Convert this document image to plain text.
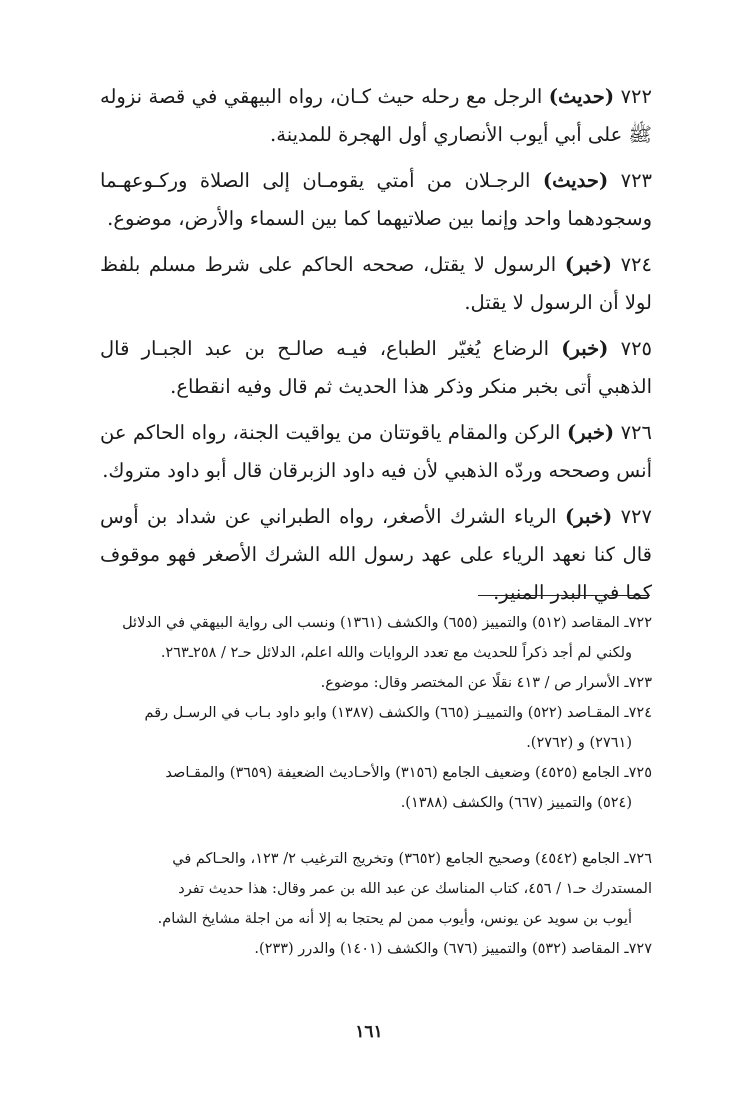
٧٢٢ (حديث) الرجل مع رحله حيث كـان، رواه البيهقي في قصة نزوله ﷺ على أبي أيوب الأنصاري أول الهجرة للمدينة.

٧٢٣ (حديث) الرجـلان من أمتي يقومـان إلى الصلاة وركـوعهـما وسجودهما واحد وإنما بين صلاتيهما كما بين السماء والأرض، موضوع.

٧٢٤ (خبر) الرسول لا يقتل، صححه الحاكم على شرط مسلم بلفظ لولا أن الرسول لا يقتل.

٧٢٥ (خبر) الرضاع يُغيّر الطباع، فيـه صالـح بن عبد الجبـار قال الذهبي أتى بخبر منكر وذكر هذا الحديث ثم قال وفيه انقطاع.

٧٢٦ (خبر) الركن والمقام ياقوتتان من يواقيت الجنة، رواه الحاكم عن أنس وصححه وردّه الذهبي لأن فيه داود الزبرقان قال أبو داود متروك.

٧٢٧ (خبر) الرياء الشرك الأصغر، رواه الطبراني عن شداد بن أوس قال كنا نعهد الرياء على عهد رسول الله الشرك الأصغر فهو موقوف كما في البدر المنير.

٧٢٢ـ المقاصد (٥١٢) والتمييز (٦٥٥) والكشف (١٣٦١) ونسب الى رواية البيهقي في الدلائل

ولكني لم أجد ذكراً للحديث مع تعدد الروايات والله اعلم، الدلائل حـ٢ / ٢٥٨ـ٢٦٣.

٧٢٣ـ الأسرار ص / ٤١٣ نقلًا عن المختصر وقال: موضوع.

٧٢٤ـ المقـاصد (٥٢٢) والتمييـز (٦٦٥) والكشف (١٣٨٧) وابو داود بـاب في الرسـل رقم

(٢٧٦١) و (٢٧٦٢).

٧٢٥ـ الجامع (٤٥٢٥) وضعيف الجامع (٣١٥٦) والأحـاديث الضعيفة (٣٦٥٩) والمقـاصد

(٥٢٤) والتمييز (٦٦٧) والكشف (١٣٨٨).

٧٢٦ـ الجامع (٤٥٤٢) وصحيح الجامع (٣٦٥٢) وتخريج الترغيب ٢/ ١٢٣، والحـاكم في

المستدرك حـ١ / ٤٥٦، كتاب المناسك عن عبد الله بن عمر وقال: هذا حديث تفرد

أيوب بن سويد عن يونس، وأيوب ممن لم يحتجا به إلا أنه من اجلة مشايخ الشام.

٧٢٧ـ المقاصد (٥٣٢) والتمييز (٦٧٦) والكشف (١٤٠١) والدرر (٢٣٣).

١٦١
